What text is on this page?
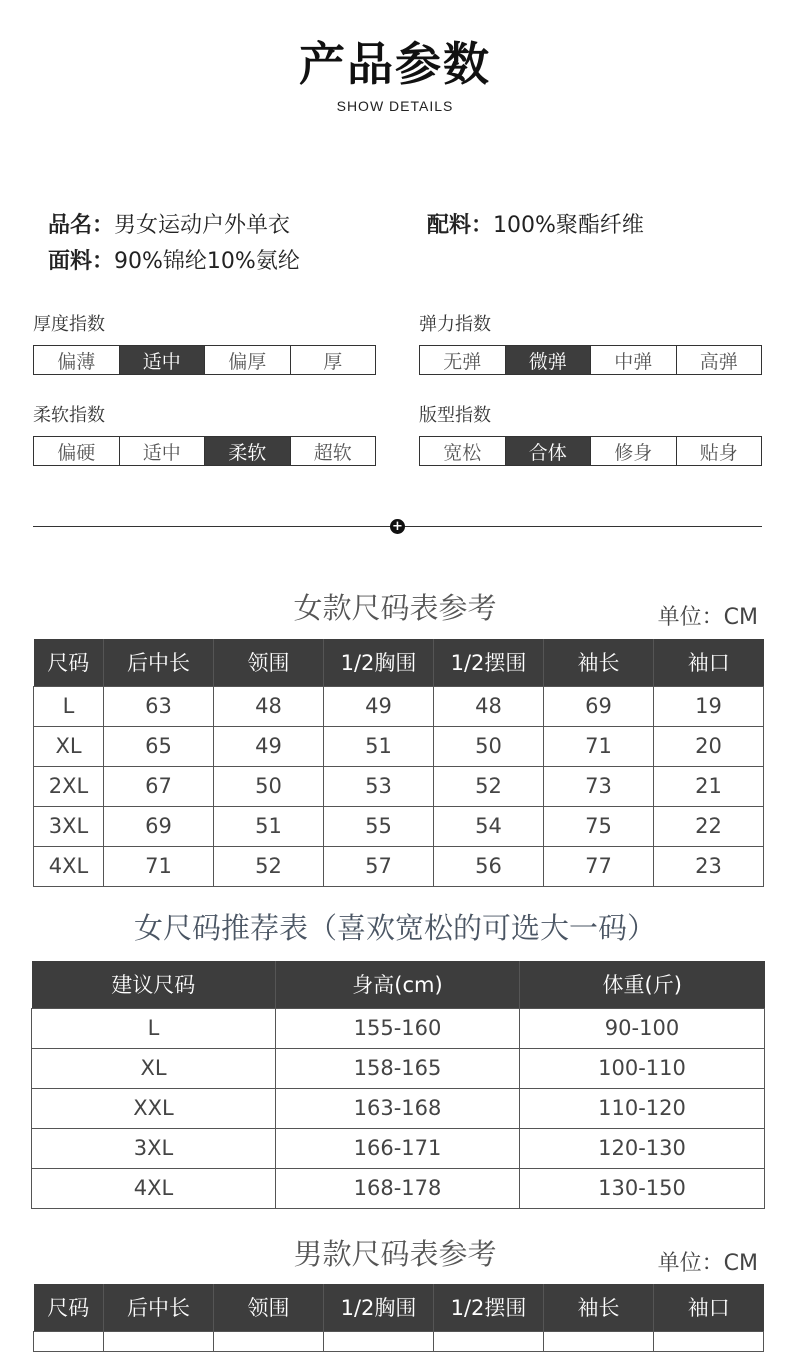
产品参数
SHOW DETAILS
品名：男女运动户外单衣
面料：90%锦纶10%氨纶
配料：100%聚酯纤维
厚度指数
偏薄	适中	偏厚	厚
弹力指数
无弹	微弹	中弹	高弹
柔软指数
偏硬	适中	柔软	超软
版型指数
宽松	合体	修身	贴身
+
女款尺码表参考	单位：CM
尺码	后中长	领围	1/2胸围	1/2摆围	袖长	袖口
L	63	48	49	48	69	19
XL	65	49	51	50	71	20
2XL	67	50	53	52	73	21
3XL	69	51	55	54	75	22
4XL	71	52	57	56	77	23
女尺码推荐表（喜欢宽松的可选大一码）
建议尺码	身高(cm)	体重(斤)
L	155-160	90-100
XL	158-165	100-110
XXL	163-168	110-120
3XL	166-171	120-130
4XL	168-178	130-150
男款尺码表参考	单位：CM
尺码	后中长	领围	1/2胸围	1/2摆围	袖长	袖口
